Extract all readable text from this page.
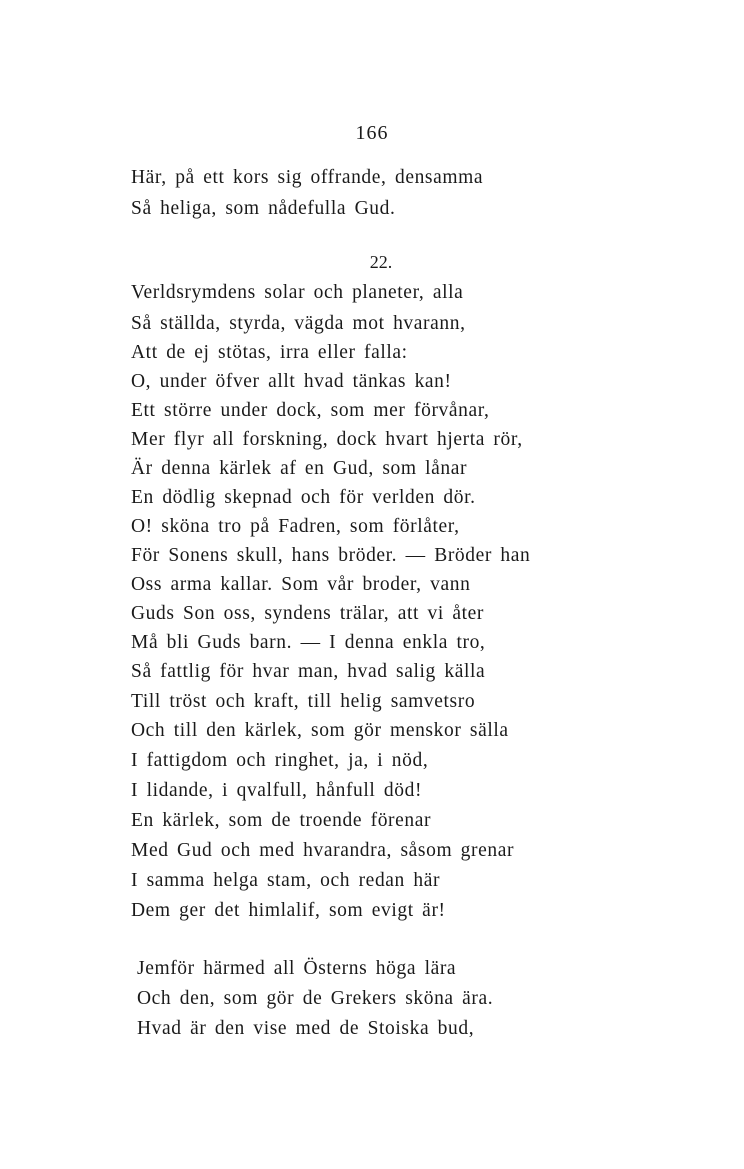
166
Här, på ett kors sig offrande, densamma
Så heliga, som nådefulla Gud.
22.
Verldsrymdens solar och planeter, alla
Så ställda, styrda, vägda mot hvarann,
Att de ej stötas, irra eller falla:
O, under öfver allt hvad tänkas kan!
Ett större under dock, som mer förvånar,
Mer flyr all forskning, dock hvart hjerta rör,
Är denna kärlek af en Gud, som lånar
En dödlig skepnad och för verlden dör.
O! sköna tro på Fadren, som förlåter,
För Sonens skull, hans bröder. — Bröder han
Oss arma kallar. Som vår broder, vann
Guds Son oss, syndens trälar, att vi åter
Må bli Guds barn. — I denna enkla tro,
Så fattlig för hvar man, hvad salig källa
Till tröst och kraft, till helig samvetsro
Och till den kärlek, som gör menskor sälla
I fattigdom och ringhet, ja, i nöd,
I lidande, i qvalfull, hånfull död!
En kärlek, som de troende förenar
Med Gud och med hvarandra, såsom grenar
I samma helga stam, och redan här
Dem ger det himlalif, som evigt är!
Jemför härmed all Österns höga lära
Och den, som gör de Grekers sköna ära.
Hvad är den vise med de Stoiska bud,
